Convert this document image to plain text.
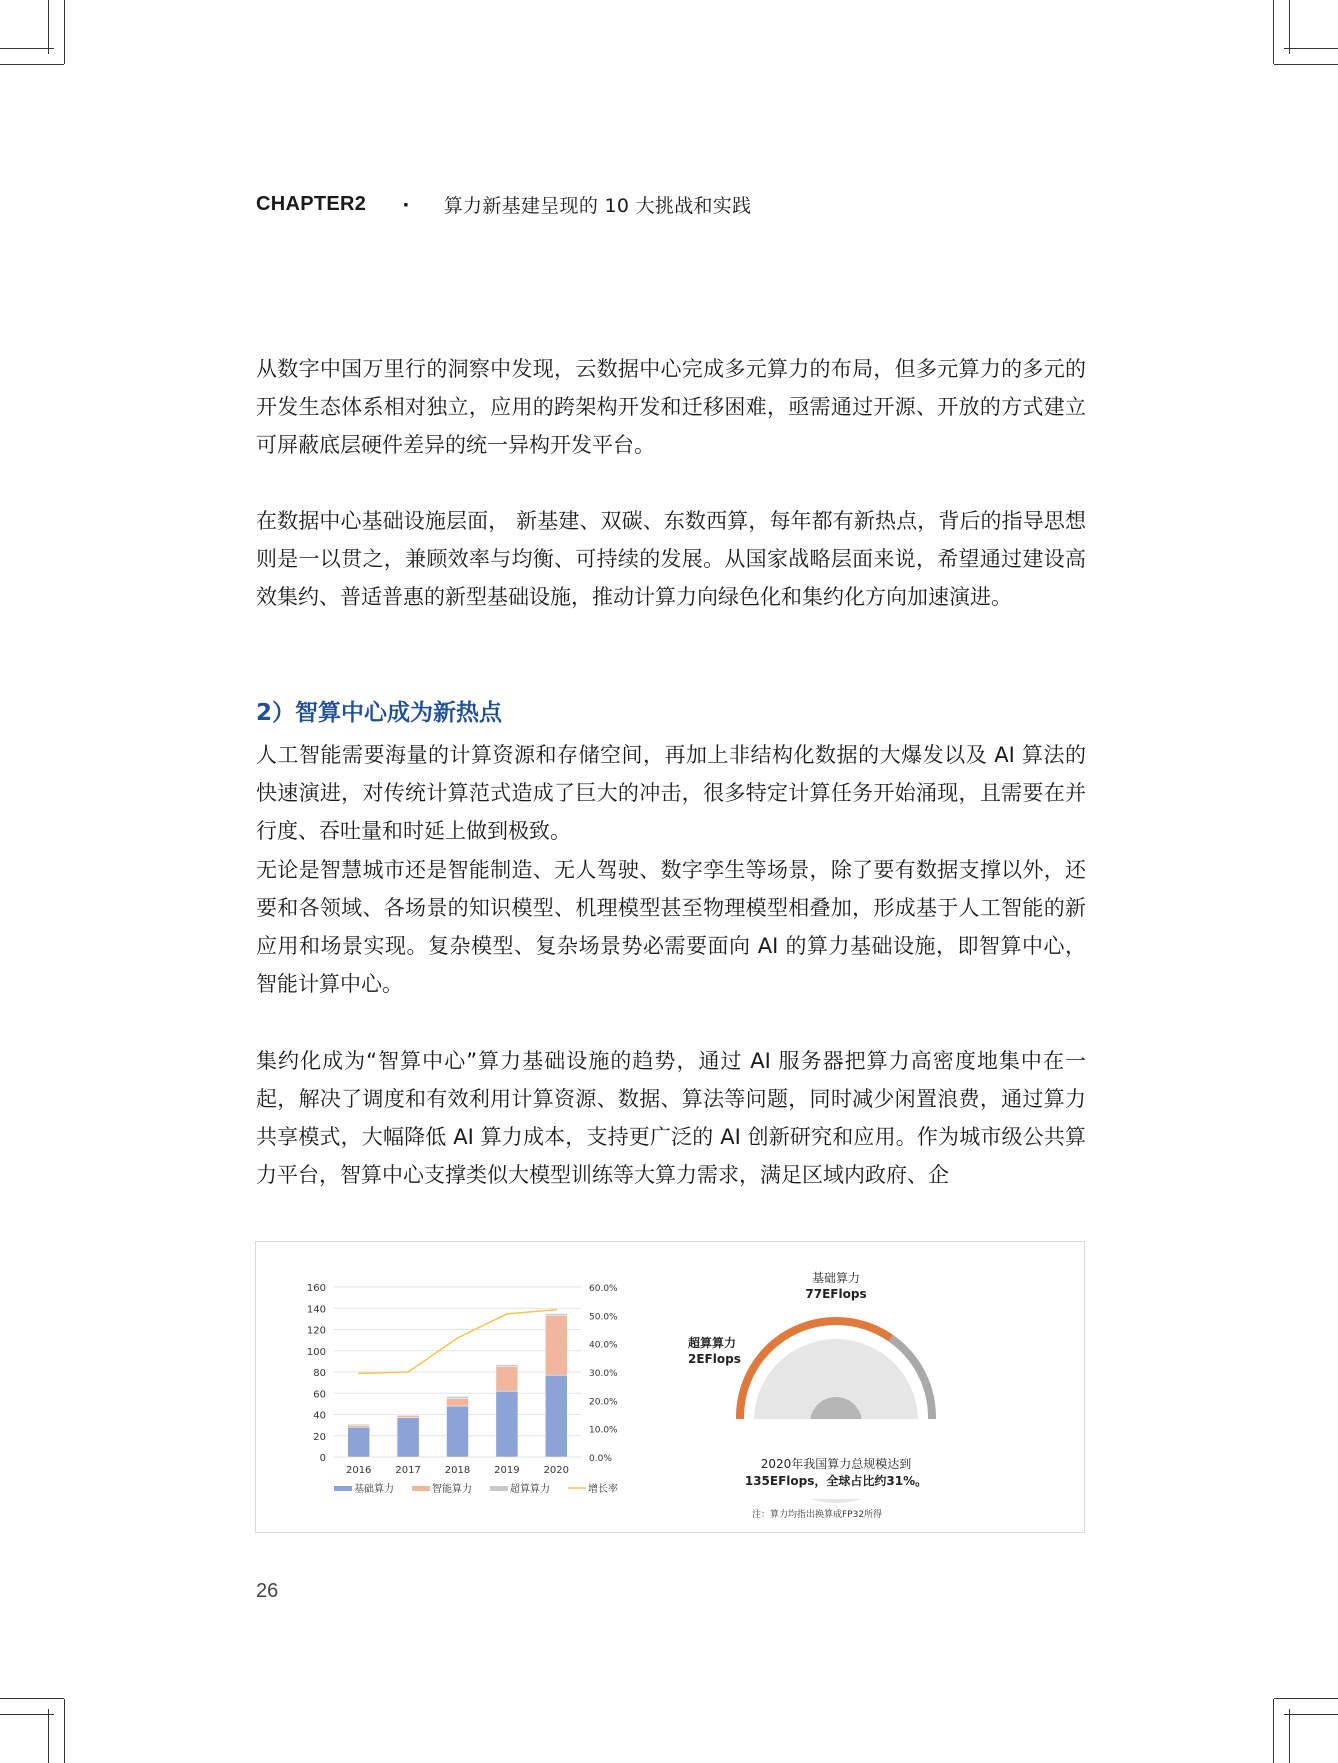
CHAPTER2 · 算力新基建呈现的 10 大挑战和实践

从数字中国万里行的洞察中发现，云数据中心完成多元算力的布局，但多元算力的多元的开发生态体系相对独立，应用的跨架构开发和迁移困难，亟需通过开源、开放的方式建立可屏蔽底层硬件差异的统一异构开发平台。

在数据中心基础设施层面， 新基建、双碳、东数西算，每年都有新热点，背后的指导思想则是一以贯之，兼顾效率与均衡、可持续的发展。从国家战略层面来说，希望通过建设高效集约、普适普惠的新型基础设施，推动计算力向绿色化和集约化方向加速演进。

2）智算中心成为新热点

人工智能需要海量的计算资源和存储空间，再加上非结构化数据的大爆发以及 AI 算法的快速演进，对传统计算范式造成了巨大的冲击，很多特定计算任务开始涌现，且需要在并行度、吞吐量和时延上做到极致。

无论是智慧城市还是智能制造、无人驾驶、数字孪生等场景，除了要有数据支撑以外，还要和各领域、各场景的知识模型、机理模型甚至物理模型相叠加，形成基于人工智能的新应用和场景实现。复杂模型、复杂场景势必需要面向 AI 的算力基础设施，即智算中心，智能计算中心。

集约化成为“智算中心”算力基础设施的趋势，通过 AI 服务器把算力高密度地集中在一起，解决了调度和有效利用计算资源、数据、算法等问题，同时减少闲置浪费，通过算力共享模式，大幅降低 AI 算力成本，支持更广泛的 AI 创新研究和应用。作为城市级公共算力平台，智算中心支撑类似大模型训练等大算力需求，满足区域内政府、企

0
20
40
60
80
100
120
140
160
0.0%
10.0%
20.0%
30.0%
40.0%
50.0%
60.0%
2016 2017 2018 2019 2020
基础算力	智能算力	超算算力	增长率
基础算力
77EFlops
超算算力
2EFlops
2020年我国算力总规模达到
135EFlops，全球占比约31%。
注：算力均指出换算成FP32所得
26
